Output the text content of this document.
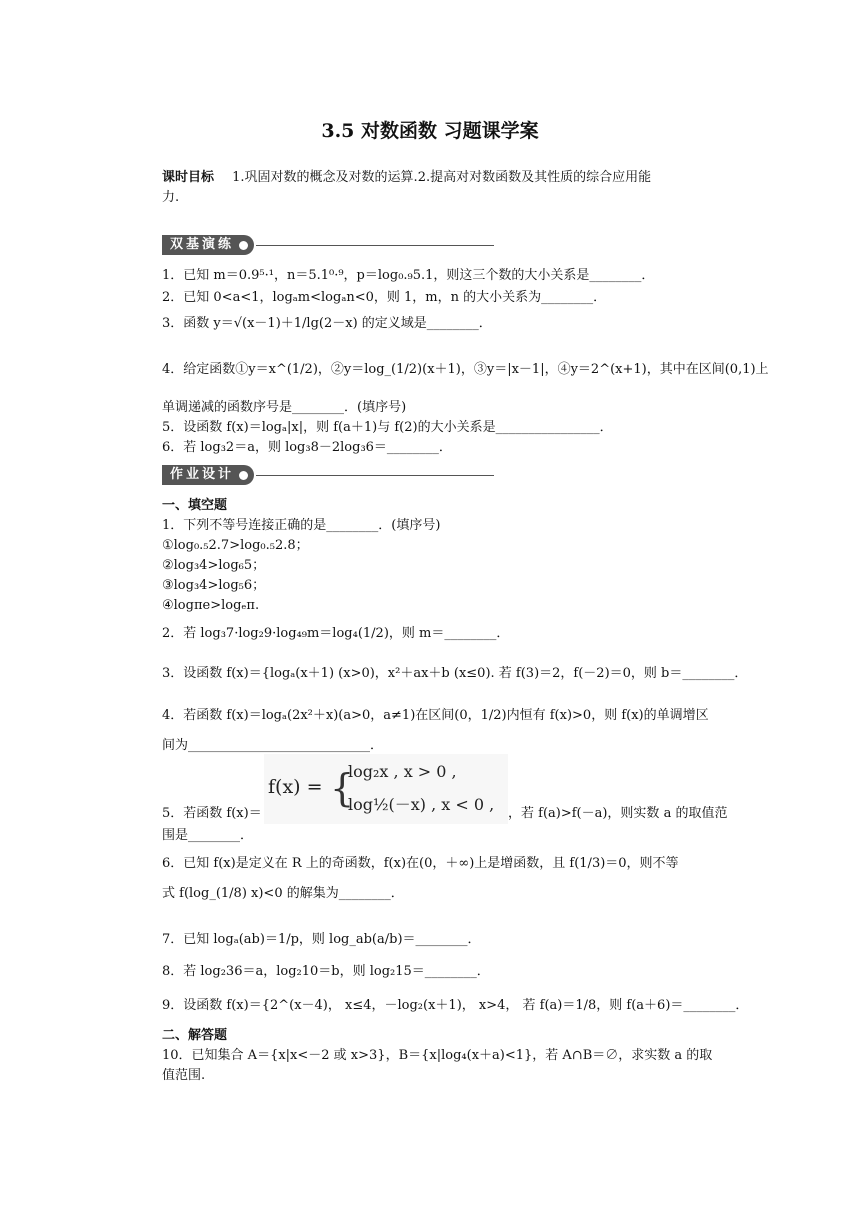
3.5 对数函数 习题课学案
课时目标 1.巩固对数的概念及对数的运算.2.提高对对数函数及其性质的综合应用能
力.
双基演练
1．已知 m＝0.9⁵·¹，n＝5.1⁰·⁹，p＝log₀.₉5.1，则这三个数的大小关系是________．
2．已知 0<a<1，logₐm<logₐn<0，则 1，m，n 的大小关系为________．
3．函数 y＝√(x－1)＋1/lg(2－x) 的定义域是________．
4．给定函数①y＝x^(1/2)，②y＝log_(1/2)(x＋1)，③y＝|x－1|，④y＝2^(x+1)，其中在区间(0,1)上
单调递减的函数序号是________．(填序号)
5．设函数 f(x)＝logₐ|x|，则 f(a＋1)与 f(2)的大小关系是________________．
6．若 log₃2＝a，则 log₃8－2log₃6＝________．
作业设计
一、填空题
1．下列不等号连接正确的是________．(填序号)
①log₀.₅2.7>log₀.₅2.8；
②log₃4>log₆5；
③log₃4>log₅6；
④logπe>logₑπ.
2．若 log₃7·log₂9·log₄₉m＝log₄(1/2)，则 m＝________．
3．设函数 f(x)＝{logₐ(x＋1) (x>0)，x²＋ax＋b (x≤0). 若 f(3)＝2，f(－2)＝0，则 b＝________．
4．若函数 f(x)＝logₐ(2x²＋x)(a>0，a≠1)在区间(0，1/2)内恒有 f(x)>0，则 f(x)的单调增区
间为____________________________．
5．若函数 f(x)＝
f(x) = {
log₂x , x > 0 ,
log½(－x) , x < 0 , ，若 f(a)>f(－a)，则实数 a 的取值范
围是________．
6．已知 f(x)是定义在 R 上的奇函数，f(x)在(0，＋∞)上是增函数，且 f(1/3)＝0，则不等
式 f(log_(1/8) x)<0 的解集为________．
7．已知 logₐ(ab)＝1/p，则 log_ab(a/b)＝________．
8．若 log₂36＝a，log₂10＝b，则 log₂15＝________．
9．设函数 f(x)＝{2^(x－4)， x≤4，－log₂(x＋1)， x>4， 若 f(a)＝1/8，则 f(a＋6)＝________．
二、解答题
10．已知集合 A＝{x|x<－2 或 x>3}，B＝{x|log₄(x＋a)<1}，若 A∩B＝∅，求实数 a 的取
值范围.
